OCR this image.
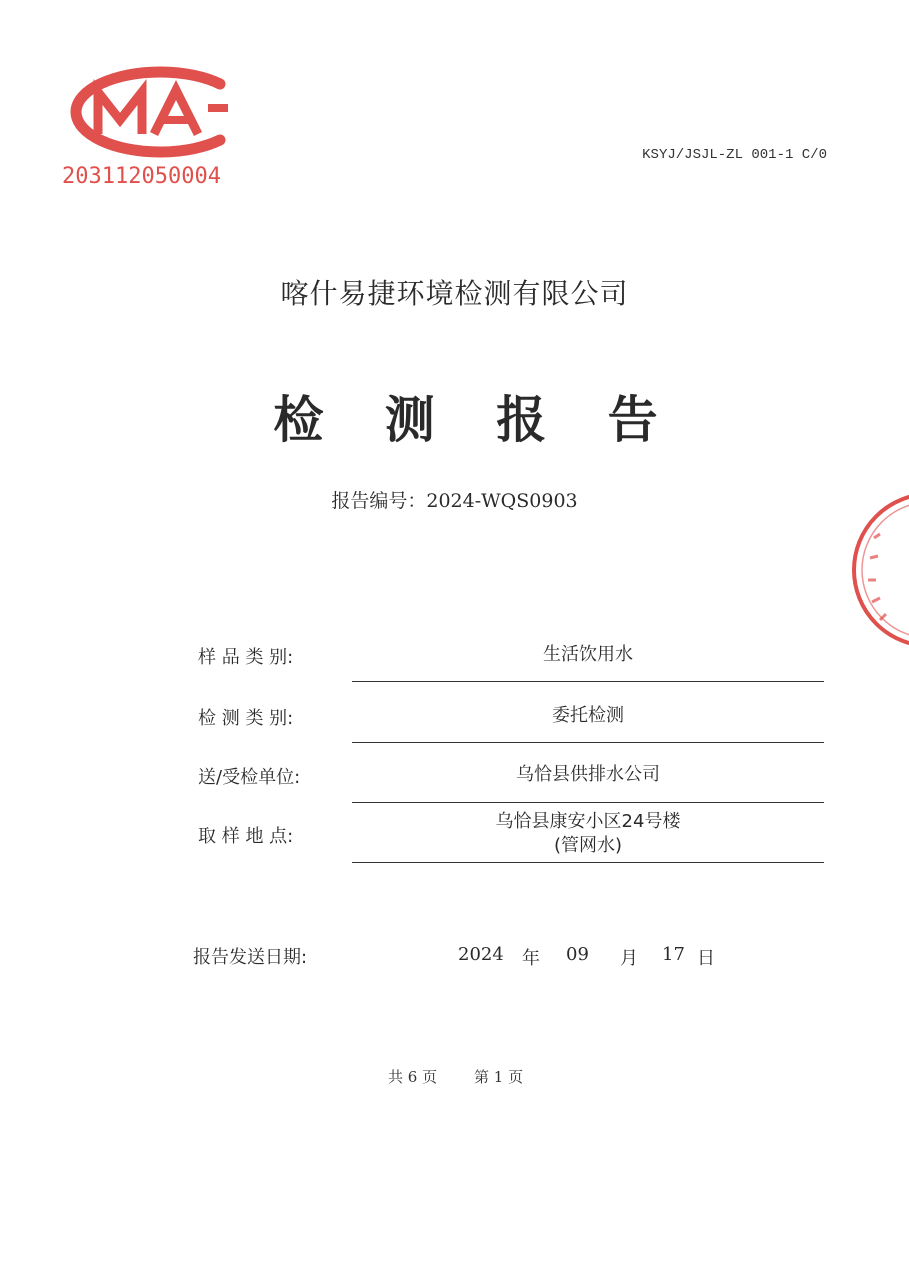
203112050004
KSYJ/JSJL-ZL 001-1 C/0
喀什易捷环境检测有限公司
检 测 报 告
报告编号：2024-WQS0903
样 品 类 别:	生活饮用水
检 测 类 别:	委托检测
送/受检单位:	乌恰县供排水公司
取 样 地 点:
乌恰县康安小区24号楼
(管网水)
报告发送日期:	2024 年 09 月 17 日
共 6 页 第 1 页
